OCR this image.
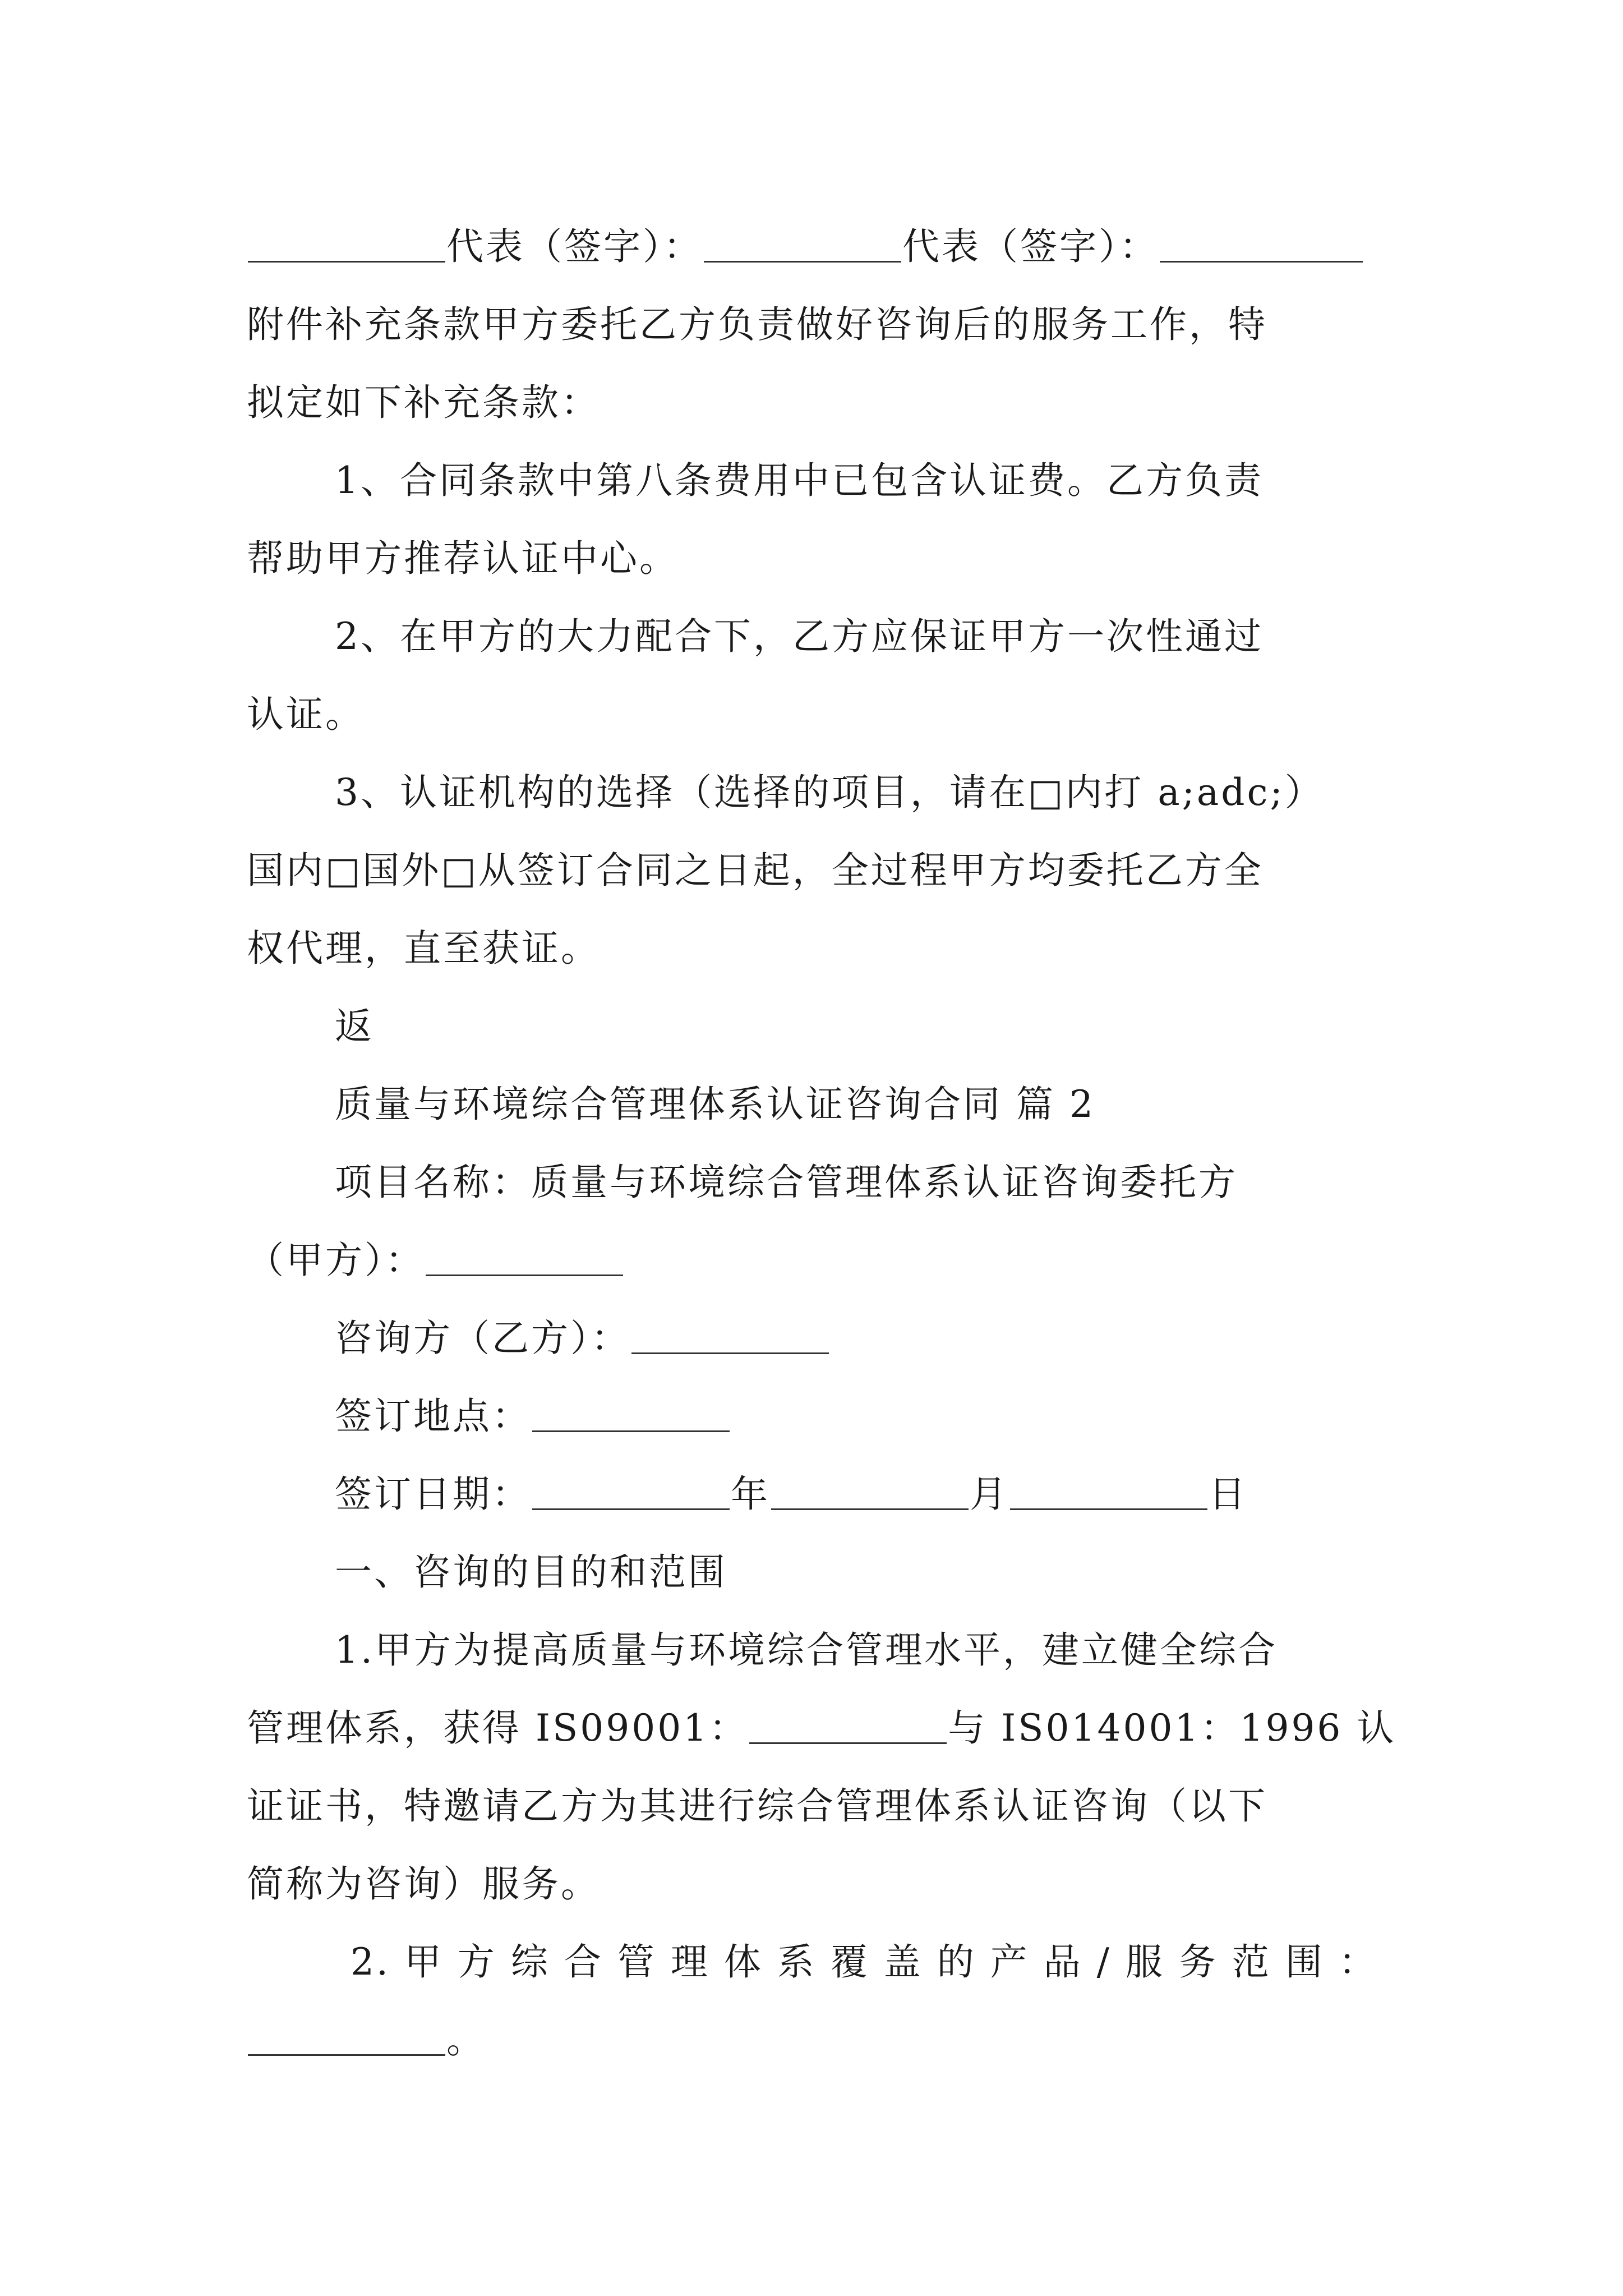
代表（签字）：	代表（签字）：
附件补充条款甲方委托乙方负责做好咨询后的服务工作，特
拟定如下补充条款：
1、合同条款中第八条费用中已包含认证费。乙方负责
帮助甲方推荐认证中心。
2、在甲方的大力配合下，乙方应保证甲方一次性通过
认证。
3、认证机构的选择（选择的项目，请在□内打 a;adc;）
国内□国外□从签订合同之日起，全过程甲方均委托乙方全
权代理，直至获证。
返
质量与环境综合管理体系认证咨询合同 篇 2
项目名称：质量与环境综合管理体系认证咨询委托方
（甲方）：
咨询方（乙方）：
签订地点：
签订日期：	年	月	日
一、咨询的目的和范围
1.甲方为提高质量与环境综合管理水平，建立健全综合
管理体系，获得 IS09001：	与 IS014001：1996 认
证证书，特邀请乙方为其进行综合管理体系认证咨询（以下
简称为咨询）服务。
2. 甲 方 综 合 管 理 体 系 覆 盖 的 产 品 / 服 务 范 围 ：
。
